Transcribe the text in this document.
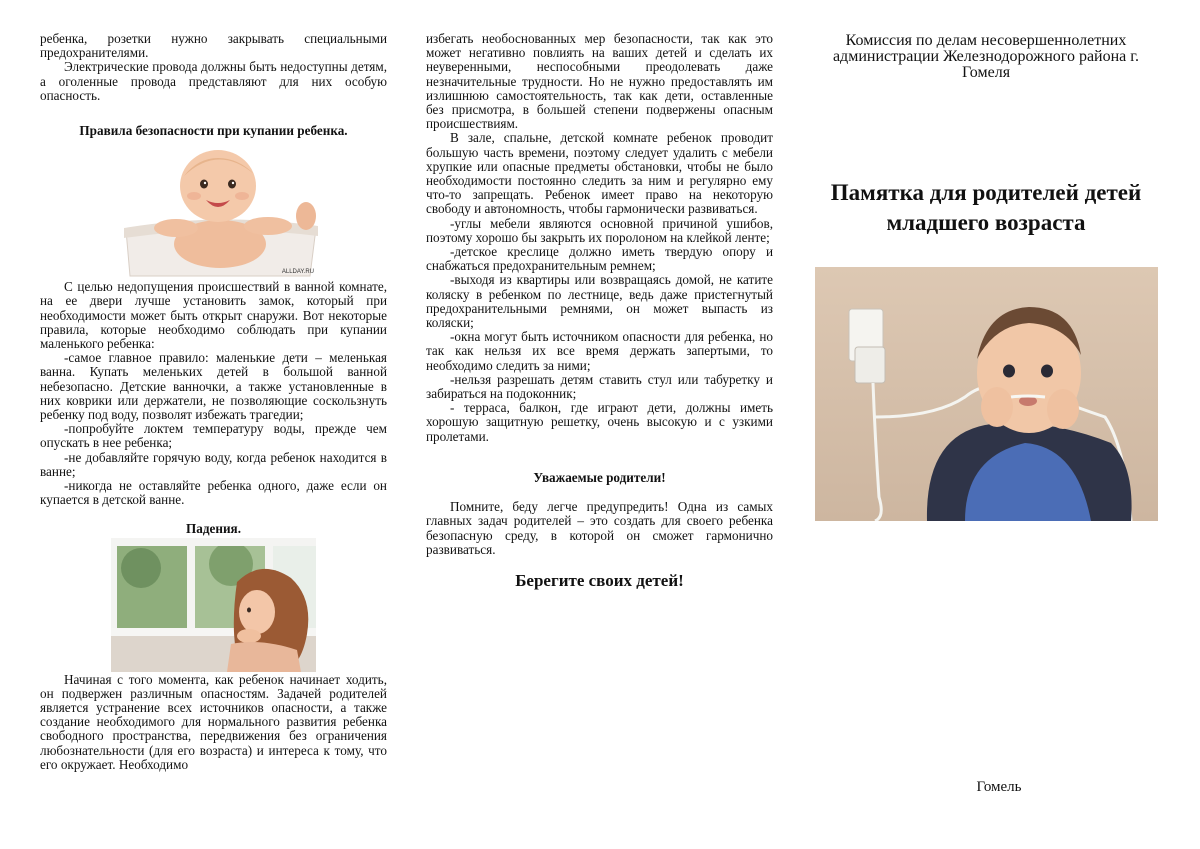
ребенка, розетки нужно закрывать специальными предохранителями.
Электрические провода должны быть недоступны детям, а оголенные провода представляют для них особую опасность.
Правила безопасности при купании ребенка.
ALLDAY.RU
С целью недопущения происшествий в ванной комнате, на ее двери лучше установить замок, который при необходимости может быть открыт снаружи. Вот некоторые правила, которые необходимо соблюдать при купании маленького ребенка:
-самое главное правило: маленькие дети – меленькая ванна. Купать меленьких детей в большой ванной небезопасно. Детские ванночки, а также установленные в них коврики или держатели, не позволяющие соскользнуть ребенку под воду, позволят избежать трагедии;
-попробуйте локтем температуру воды, прежде чем опускать в нее ребенка;
-не добавляйте горячую воду, когда ребенок находится в ванне;
-никогда не оставляйте ребенка одного, даже если он купается в детской ванне.
Падения.
Начиная с того момента, как ребенок начинает ходить, он подвержен различным опасностям. Задачей родителей является устранение всех источников опасности, а также создание необходимого для нормального развития ребенка свободного пространства, передвижения без ограничения любознательности (для его возраста) и интереса к тому, что его окружает. Необходимо
избегать необоснованных мер безопасности, так как это может негативно повлиять на ваших детей и сделать их неуверенными, неспособными преодолевать даже незначительные трудности. Но не нужно предоставлять им излишнюю самостоятельность, так как дети, оставленные без присмотра, в большей степени подвержены опасным происшествиям.
В зале, спальне, детской комнате ребенок проводит большую часть времени, поэтому следует удалить с мебели хрупкие или опасные предметы обстановки, чтобы не было необходимости постоянно следить за ним и регулярно ему что-то запрещать. Ребенок имеет право на некоторую свободу и автономность, чтобы гармонически развиваться.
-углы мебели являются основной причиной ушибов, поэтому хорошо бы закрыть их поролоном на клейкой ленте;
-детское креслице должно иметь твердую опору и снабжаться предохранительным ремнем;
-выходя из квартиры или возвращаясь домой, не катите коляску в ребенком по лестнице, ведь даже пристегнутый предохранительными ремнями, он может выпасть из коляски;
-окна могут быть источником опасности для ребенка, но так как нельзя их все время держать запертыми, то необходимо следить за ними;
-нельзя разрешать детям ставить стул или табуретку и забираться на подоконник;
- терраса, балкон, где играют дети, должны иметь хорошую защитную решетку, очень высокую и с узкими пролетами.
Уважаемые родители!
Помните, беду легче предупредить! Одна из самых главных задач родителей – это создать для своего ребенка безопасную среду, в которой он сможет гармонично развиваться.
Берегите своих детей!
Комиссия по делам несовершеннолетних администрации Железнодорожного района г. Гомеля
Памятка для родителей детей младшего возраста
Гомель
